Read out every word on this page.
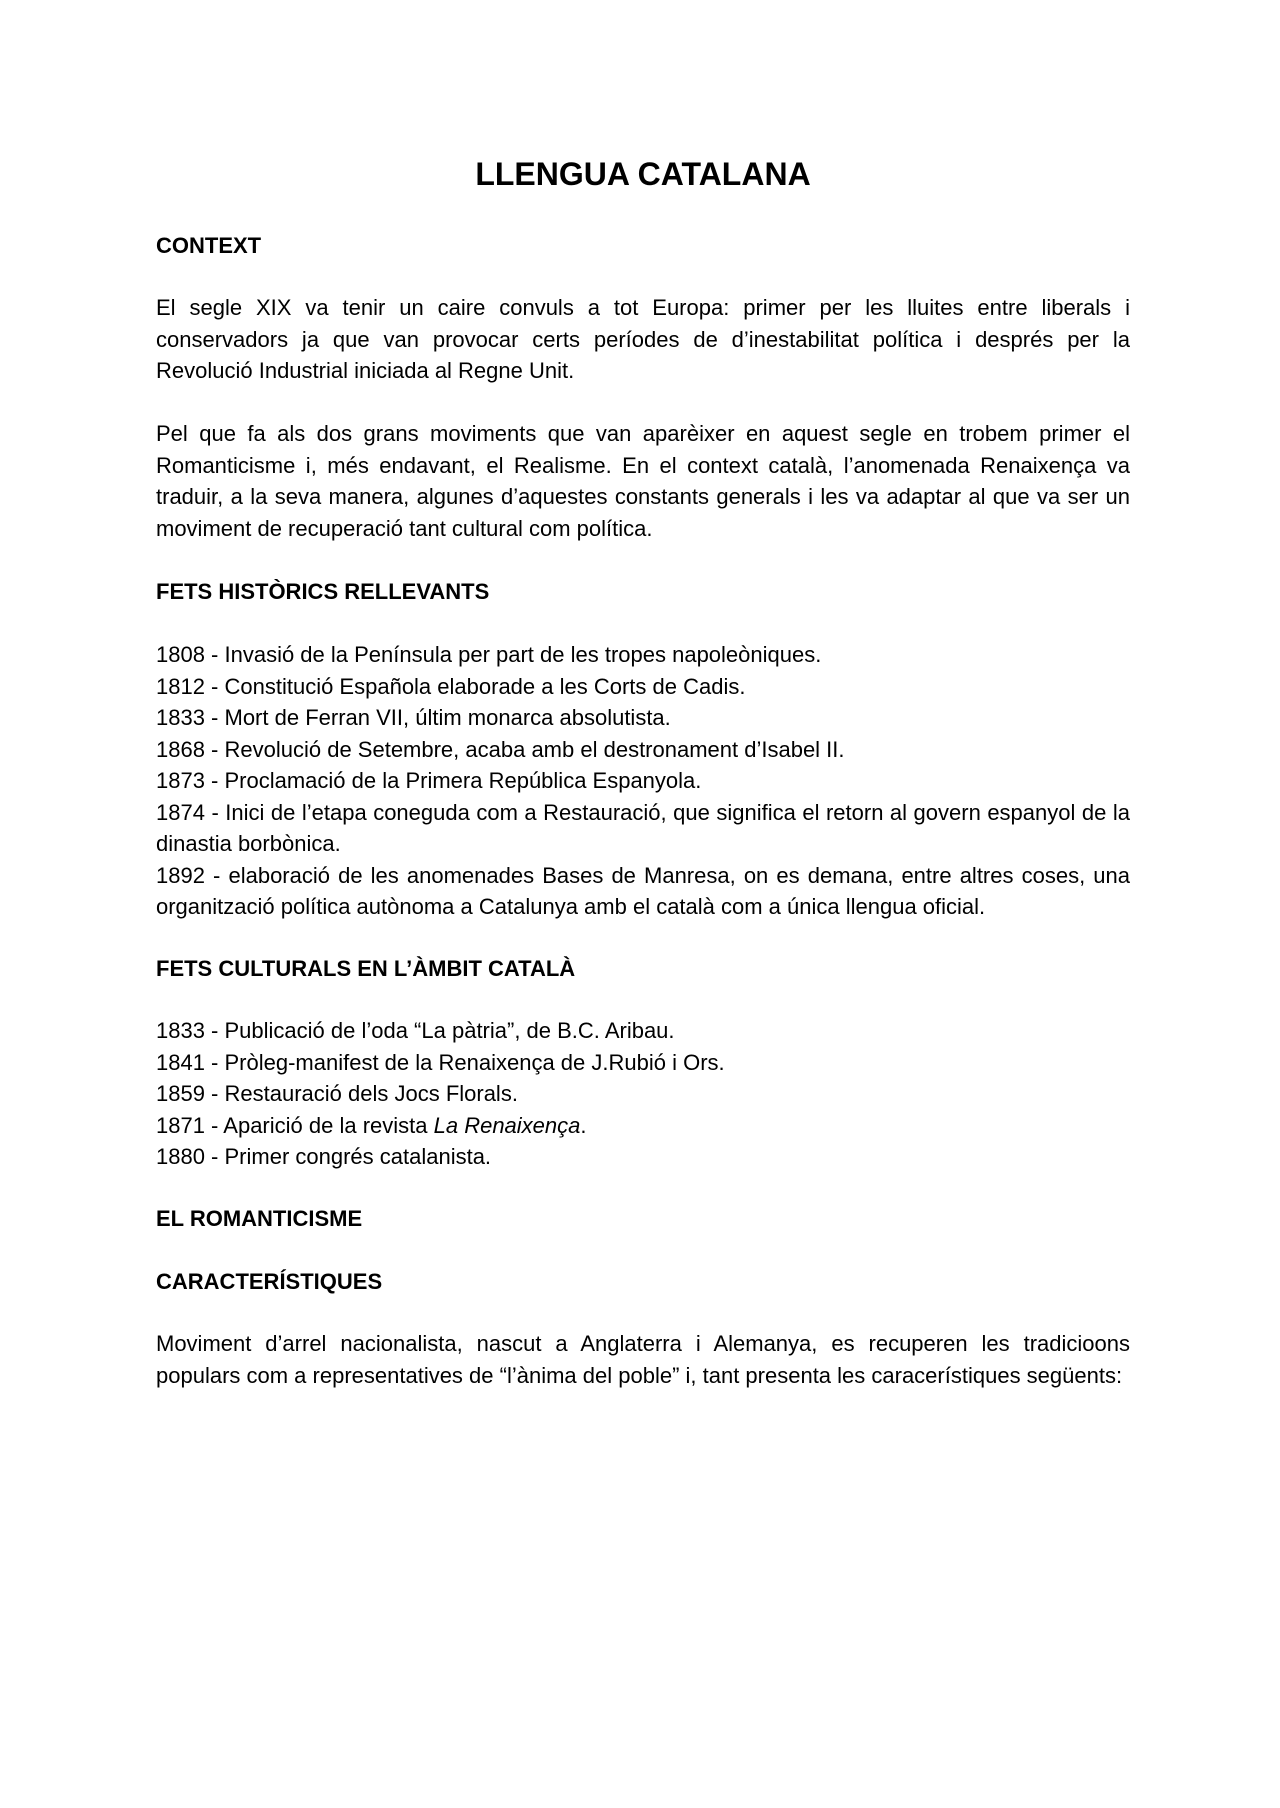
LLENGUA CATALANA
CONTEXT

El segle XIX va tenir un caire convuls a tot Europa: primer per les lluites entre liberals i conservadors ja que van provocar certs períodes de d’inestabilitat política i després per la Revolució Industrial iniciada al Regne Unit.

Pel que fa als dos grans moviments que van aparèixer en aquest segle en trobem primer el Romanticisme i, més endavant, el Realisme. En el context català, l’anomenada Renaixença va traduir, a la seva manera, algunes d’aquestes constants generals i les va adaptar al que va ser un moviment de recuperació tant cultural com política.

FETS HISTÒRICS RELLEVANTS
1808 - Invasió de la Península per part de les tropes napoleòniques.
1812 - Constitució Española elaborade a les Corts de Cadis.
1833 - Mort de Ferran VII, últim monarca absolutista.
1868 - Revolució de Setembre, acaba amb el destronament d’Isabel II.
1873 - Proclamació de la Primera República Espanyola.
1874 - Inici de l’etapa coneguda com a Restauració, que significa el retorn al govern espanyol de la dinastia borbònica.
1892 - elaboració de les anomenades Bases de Manresa, on es demana, entre altres coses, una organització política autònoma a Catalunya amb el català com a única llengua oficial.
FETS CULTURALS EN L’ÀMBIT CATALÀ
1833 - Publicació de l’oda “La pàtria”, de B.C. Aribau.
1841 - Pròleg-manifest de la Renaixença de J.Rubió i Ors.
1859 - Restauració dels Jocs Florals.
1871 - Aparició de la revista La Renaixença.
1880 - Primer congrés catalanista.
EL ROMANTICISME
CARACTERÍSTIQUES

Moviment d’arrel nacionalista, nascut a Anglaterra i Alemanya, es recuperen les tradicioons populars com a representatives de “l’ànima del poble” i, tant presenta les caracerístiques següents:
